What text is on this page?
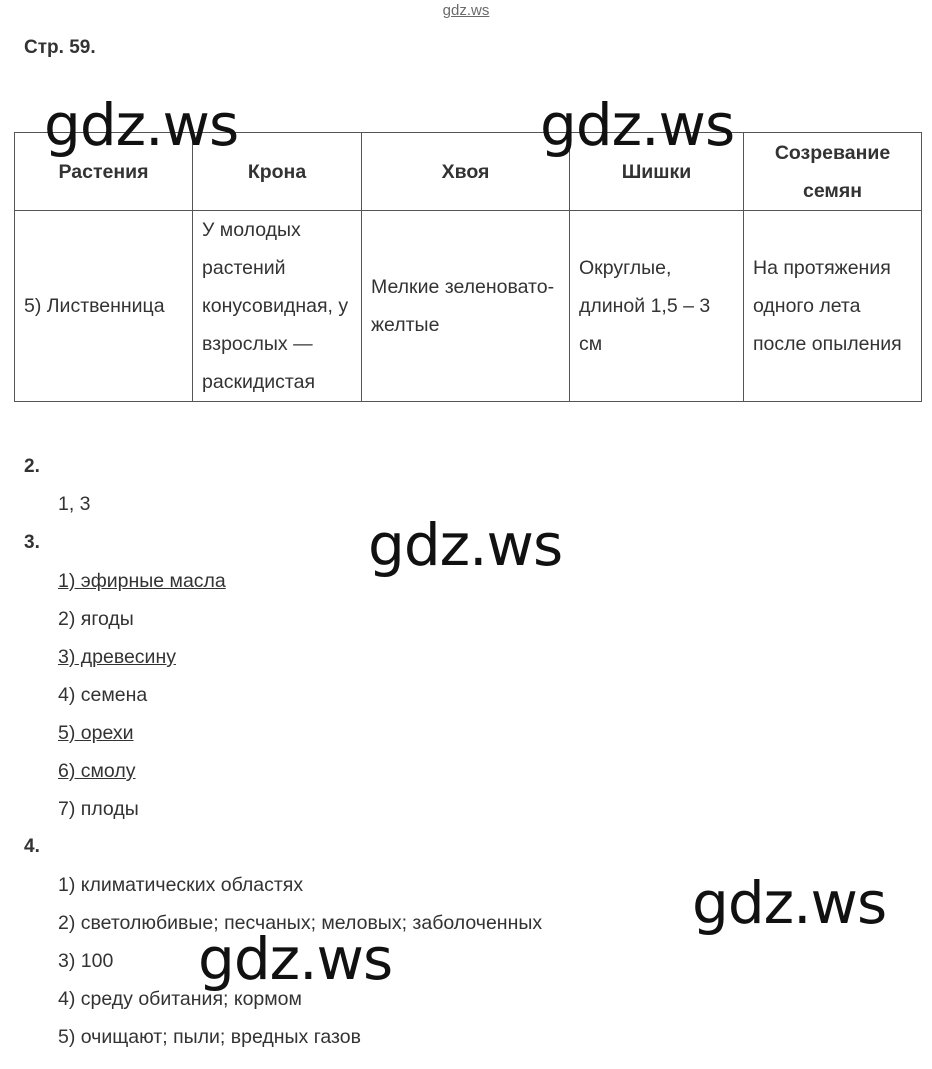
gdz.ws
Стр. 59.
Растения	Крона	Хвоя	Шишки	Созревание семян
5) Лиственница	У молодых растений конусовидная, у взрослых — раскидистая	Мелкие зеленовато-желтые	Округлые, длиной 1,5 – 3 см	На протяжения одного лета после опыления
2.
1, 3
3.
1) эфирные масла
2) ягоды
3) древесину
4) семена
5) орехи
6) смолу
7) плоды
4.
1) климатических областях
2) светолюбивые; песчаных; меловых; заболоченных
3) 100
4) среду обитания; кормом
5) очищают; пыли; вредных газов
gdz.ws	gdz.ws
gdz.ws
gdz.ws
gdz.ws
